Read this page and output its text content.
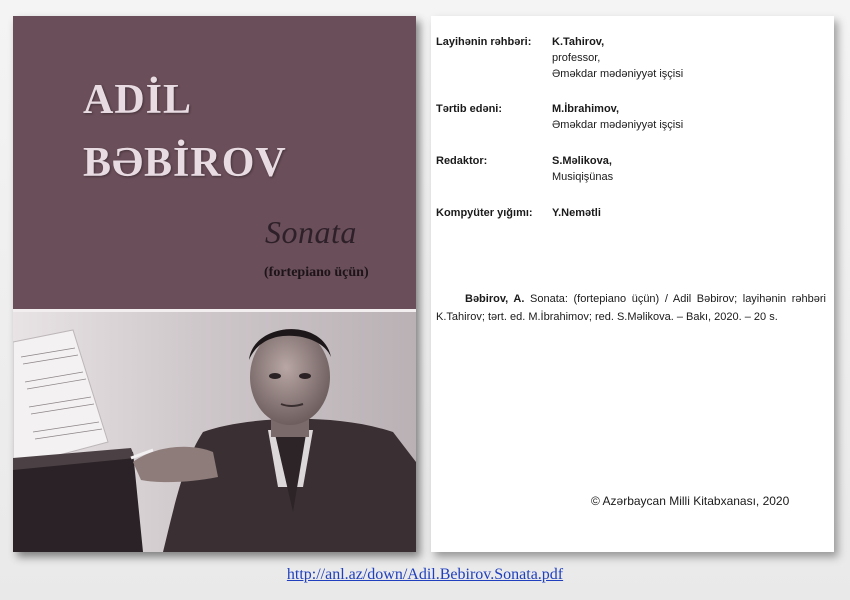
ADİL
BƏBİROV
Sonata
(fortepiano üçün)
Layihənin rəhbəri:	K.Tahirov,
professor,
Əməkdar mədəniyyət işçisi
Tərtib edəni:	M.İbrahimov,
Əməkdar mədəniyyət işçisi
Redaktor:	S.Məlikova,
Musiqişünas
Kompyüter yığımı:	Y.Nemətli
Bəbirov, A. Sonata: (fortepiano üçün) / Adil Bəbirov; layihənin rəhbəri K.Tahirov; tərt. ed. M.İbrahimov; red. S.Məlikova. – Bakı, 2020. – 20 s.
© Azərbaycan Milli Kitabxanası, 2020
http://anl.az/down/Adil.Bebirov.Sonata.pdf
